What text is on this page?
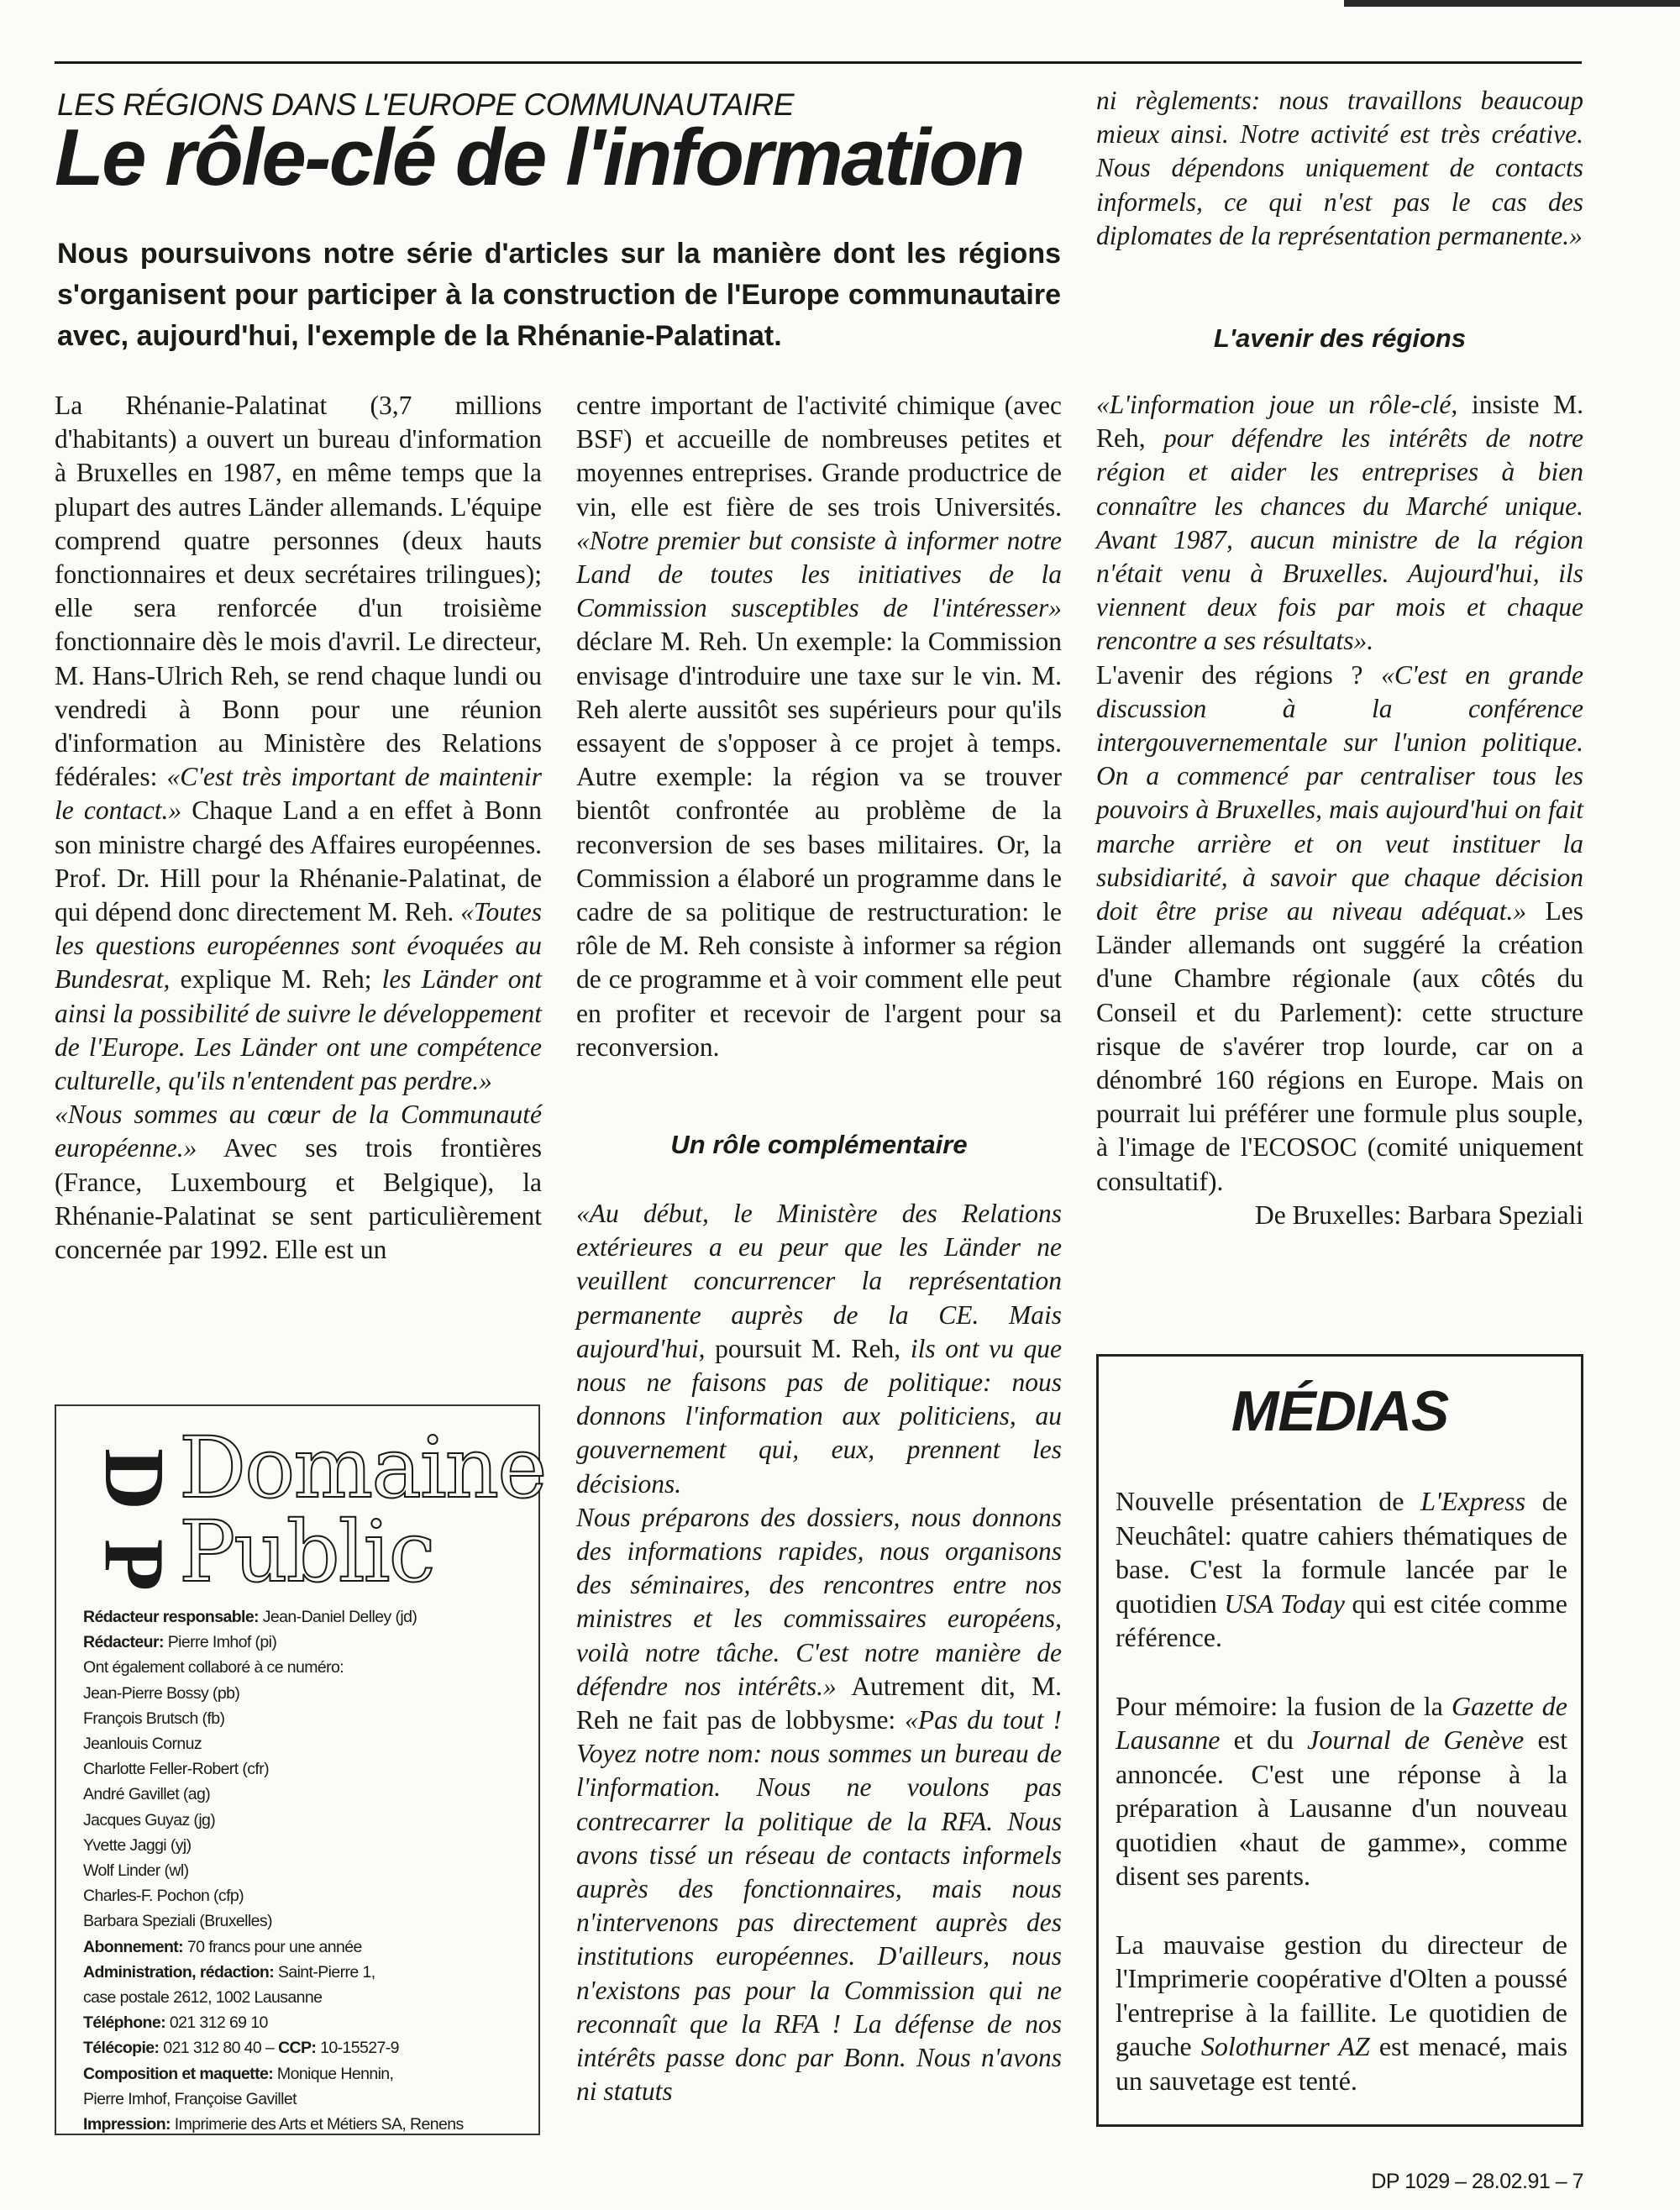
LES RÉGIONS DANS L'EUROPE COMMUNAUTAIRE
Le rôle-clé de l'information

Nous poursuivons notre série d'articles sur la manière dont les régions s'organisent pour participer à la construction de l'Europe communautaire avec, aujourd'hui, l'exemple de la Rhénanie-Palatinat.

La Rhénanie-Palatinat (3,7 millions d'habitants) a ouvert un bureau d'information à Bruxelles en 1987, en même temps que la plupart des autres Länder allemands. L'équipe comprend quatre personnes (deux hauts fonctionnaires et deux secrétaires trilingues); elle sera renforcée d'un troisième fonctionnaire dès le mois d'avril. Le directeur, M. Hans-Ulrich Reh, se rend chaque lundi ou vendredi à Bonn pour une réunion d'information au Ministère des Relations fédérales: «C'est très important de maintenir le contact.» Chaque Land a en effet à Bonn son ministre chargé des Affaires européennes. Prof. Dr. Hill pour la Rhénanie-Palatinat, de qui dépend donc directement M. Reh. «Toutes les questions européennes sont évoquées au Bundesrat, explique M. Reh; les Länder ont ainsi la possibilité de suivre le développement de l'Europe. Les Länder ont une compétence culturelle, qu'ils n'entendent pas perdre.»

«Nous sommes au cœur de la Communauté européenne.» Avec ses trois frontières (France, Luxembourg et Belgique), la Rhénanie-Palatinat se sent particulièrement concernée par 1992. Elle est un

centre important de l'activité chimique (avec BSF) et accueille de nombreuses petites et moyennes entreprises. Grande productrice de vin, elle est fière de ses trois Universités. «Notre premier but consiste à informer notre Land de toutes les initiatives de la Commission susceptibles de l'intéresser» déclare M. Reh. Un exemple: la Commission envisage d'introduire une taxe sur le vin. M. Reh alerte aussitôt ses supérieurs pour qu'ils essayent de s'opposer à ce projet à temps. Autre exemple: la région va se trouver bientôt confrontée au problème de la reconversion de ses bases militaires. Or, la Commission a élaboré un programme dans le cadre de sa politique de restructuration: le rôle de M. Reh consiste à informer sa région de ce programme et à voir comment elle peut en profiter et recevoir de l'argent pour sa reconversion.

Un rôle complémentaire

«Au début, le Ministère des Relations extérieures a eu peur que les Länder ne veuillent concurrencer la représentation permanente auprès de la CE. Mais aujourd'hui, poursuit M. Reh, ils ont vu que nous ne faisons pas de politique: nous donnons l'information aux politiciens, au gouvernement qui, eux, prennent les décisions.

Nous préparons des dossiers, nous donnons des informations rapides, nous organisons des séminaires, des rencontres entre nos ministres et les commissaires européens, voilà notre tâche. C'est notre manière de défendre nos intérêts.» Autrement dit, M. Reh ne fait pas de lobbysme: «Pas du tout ! Voyez notre nom: nous sommes un bureau de l'information. Nous ne voulons pas contrecarrer la politique de la RFA. Nous avons tissé un réseau de contacts informels auprès des fonctionnaires, mais nous n'intervenons pas directement auprès des institutions européennes. D'ailleurs, nous n'existons pas pour la Commission qui ne reconnaît que la RFA ! La défense de nos intérêts passe donc par Bonn. Nous n'avons ni statuts

ni règlements: nous travaillons beaucoup mieux ainsi. Notre activité est très créative. Nous dépendons uniquement de contacts informels, ce qui n'est pas le cas des diplomates de la représentation permanente.»

L'avenir des régions

«L'information joue un rôle-clé, insiste M. Reh, pour défendre les intérêts de notre région et aider les entreprises à bien connaître les chances du Marché unique. Avant 1987, aucun ministre de la région n'était venu à Bruxelles. Aujourd'hui, ils viennent deux fois par mois et chaque rencontre a ses résultats».

L'avenir des régions ? «C'est en grande discussion à la conférence intergouvernementale sur l'union politique. On a commencé par centraliser tous les pouvoirs à Bruxelles, mais aujourd'hui on fait marche arrière et on veut instituer la subsidiarité, à savoir que chaque décision doit être prise au niveau adéquat.» Les Länder allemands ont suggéré la création d'une Chambre régionale (aux côtés du Conseil et du Parlement): cette structure risque de s'avérer trop lourde, car on a dénombré 160 régions en Europe. Mais on pourrait lui préférer une formule plus souple, à l'image de l'ECOSOC (comité uniquement consultatif).

De Bruxelles: Barbara Speziali

D
P
Domaine
Public
Rédacteur responsable: Jean-Daniel Delley (jd)
Rédacteur: Pierre Imhof (pi)
Ont également collaboré à ce numéro:
Jean-Pierre Bossy (pb)
François Brutsch (fb)
Jeanlouis Cornuz
Charlotte Feller-Robert (cfr)
André Gavillet (ag)
Jacques Guyaz (jg)
Yvette Jaggi (yj)
Wolf Linder (wl)
Charles-F. Pochon (cfp)
Barbara Speziali (Bruxelles)
Abonnement: 70 francs pour une année
Administration, rédaction: Saint-Pierre 1,
case postale 2612, 1002 Lausanne
Téléphone: 021 312 69 10
Télécopie: 021 312 80 40 – CCP: 10-15527-9
Composition et maquette: Monique Hennin,
Pierre Imhof, Françoise Gavillet
Impression: Imprimerie des Arts et Métiers SA, Renens
MÉDIAS

Nouvelle présentation de L'Express de Neuchâtel: quatre cahiers thématiques de base. C'est la formule lancée par le quotidien USA Today qui est citée comme référence.

Pour mémoire: la fusion de la Gazette de Lausanne et du Journal de Genève est annoncée. C'est une réponse à la préparation à Lausanne d'un nouveau quotidien «haut de gamme», comme disent ses parents.

La mauvaise gestion du directeur de l'Imprimerie coopérative d'Olten a poussé l'entreprise à la faillite. Le quotidien de gauche Solothurner AZ est menacé, mais un sauvetage est tenté.

DP 1029 – 28.02.91 – 7
